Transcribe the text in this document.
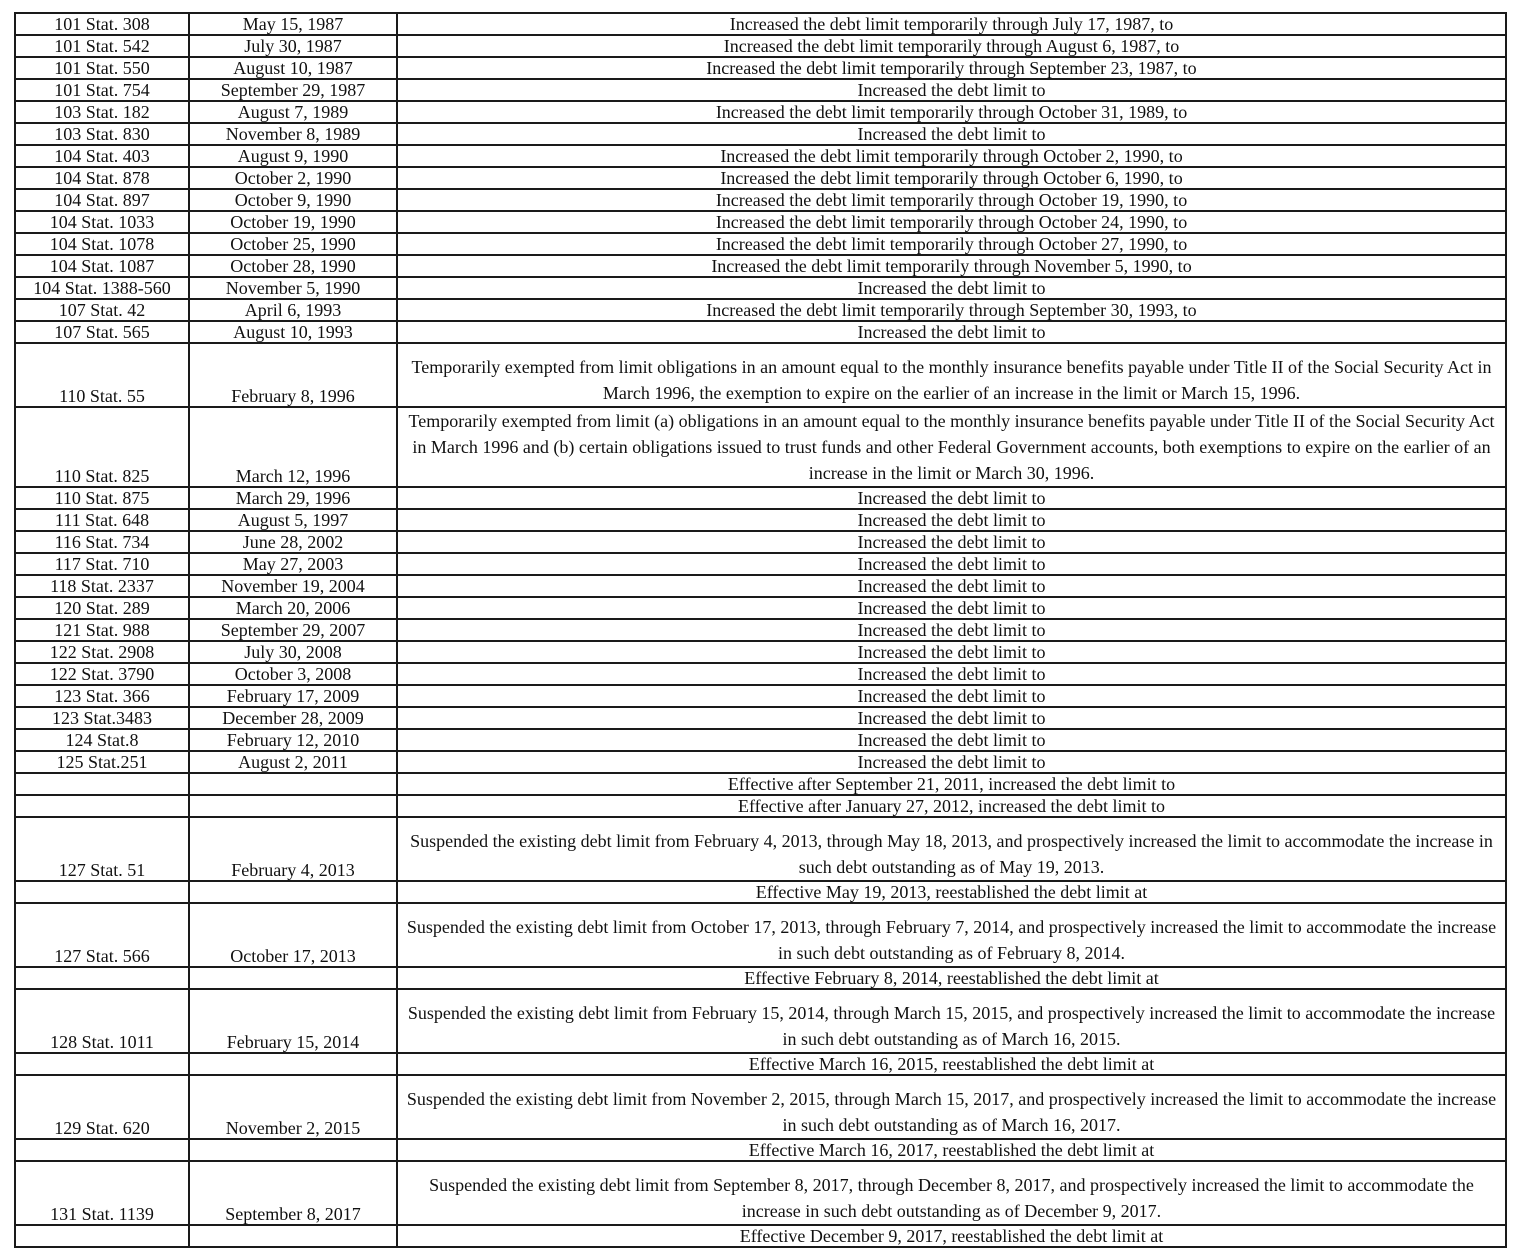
101 Stat. 308	May 15, 1987	Increased the debt limit temporarily through July 17, 1987, to
101 Stat. 542	July 30, 1987	Increased the debt limit temporarily through August 6, 1987, to
101 Stat. 550	August 10, 1987	Increased the debt limit temporarily through September 23, 1987, to
101 Stat. 754	September 29, 1987	Increased the debt limit to
103 Stat. 182	August 7, 1989	Increased the debt limit temporarily through October 31, 1989, to
103 Stat. 830	November 8, 1989	Increased the debt limit to
104 Stat. 403	August 9, 1990	Increased the debt limit temporarily through October 2, 1990, to
104 Stat. 878	October 2, 1990	Increased the debt limit temporarily through October 6, 1990, to
104 Stat. 897	October 9, 1990	Increased the debt limit temporarily through October 19, 1990, to
104 Stat. 1033	October 19, 1990	Increased the debt limit temporarily through October 24, 1990, to
104 Stat. 1078	October 25, 1990	Increased the debt limit temporarily through October 27, 1990, to
104 Stat. 1087	October 28, 1990	Increased the debt limit temporarily through November 5, 1990, to
104 Stat. 1388-560	November 5, 1990	Increased the debt limit to
107 Stat. 42	April 6, 1993	Increased the debt limit temporarily through September 30, 1993, to
107 Stat. 565	August 10, 1993	Increased the debt limit to
110 Stat. 55	February 8, 1996	Temporarily exempted from limit obligations in an amount equal to the monthly insurance benefits payable under Title II of the Social Security Act in March 1996, the exemption to expire on the earlier of an increase in the limit or March 15, 1996.
110 Stat. 825	March 12, 1996	Temporarily exempted from limit (a) obligations in an amount equal to the monthly insurance benefits payable under Title II of the Social Security Act in March 1996 and (b) certain obligations issued to trust funds and other Federal Government accounts, both exemptions to expire on the earlier of an increase in the limit or March 30, 1996.
110 Stat. 875	March 29, 1996	Increased the debt limit to
111 Stat. 648	August 5, 1997	Increased the debt limit to
116 Stat. 734	June 28, 2002	Increased the debt limit to
117 Stat. 710	May 27, 2003	Increased the debt limit to
118 Stat. 2337	November 19, 2004	Increased the debt limit to
120 Stat. 289	March 20, 2006	Increased the debt limit to
121 Stat. 988	September 29, 2007	Increased the debt limit to
122 Stat. 2908	July 30, 2008	Increased the debt limit to
122 Stat. 3790	October 3, 2008	Increased the debt limit to
123 Stat. 366	February 17, 2009	Increased the debt limit to
123 Stat.3483	December 28, 2009	Increased the debt limit to
124 Stat.8	February 12, 2010	Increased the debt limit to
125 Stat.251	August 2, 2011	Increased the debt limit to
		Effective after September 21, 2011, increased the debt limit to
		Effective after January 27, 2012, increased the debt limit to
127 Stat. 51	February 4, 2013	Suspended the existing debt limit from February 4, 2013, through May 18, 2013, and prospectively increased the limit to accommodate the increase in such debt outstanding as of May 19, 2013.
		Effective May 19, 2013, reestablished the debt limit at
127 Stat. 566	October 17, 2013	Suspended the existing debt limit from October 17, 2013, through February 7, 2014, and prospectively increased the limit to accommodate the increase in such debt outstanding as of February 8, 2014.
		Effective February 8, 2014, reestablished the debt limit at
128 Stat. 1011	February 15, 2014	Suspended the existing debt limit from February 15, 2014, through March 15, 2015, and prospectively increased the limit to accommodate the increase in such debt outstanding as of March 16, 2015.
		Effective March 16, 2015, reestablished the debt limit at
129 Stat. 620	November 2, 2015	Suspended the existing debt limit from November 2, 2015, through March 15, 2017, and prospectively increased the limit to accommodate the increase in such debt outstanding as of March 16, 2017.
		Effective March 16, 2017, reestablished the debt limit at
131 Stat. 1139	September 8, 2017	Suspended the existing debt limit from September 8, 2017, through December 8, 2017, and prospectively increased the limit to accommodate the increase in such debt outstanding as of December 9, 2017.
		Effective December 9, 2017, reestablished the debt limit at
